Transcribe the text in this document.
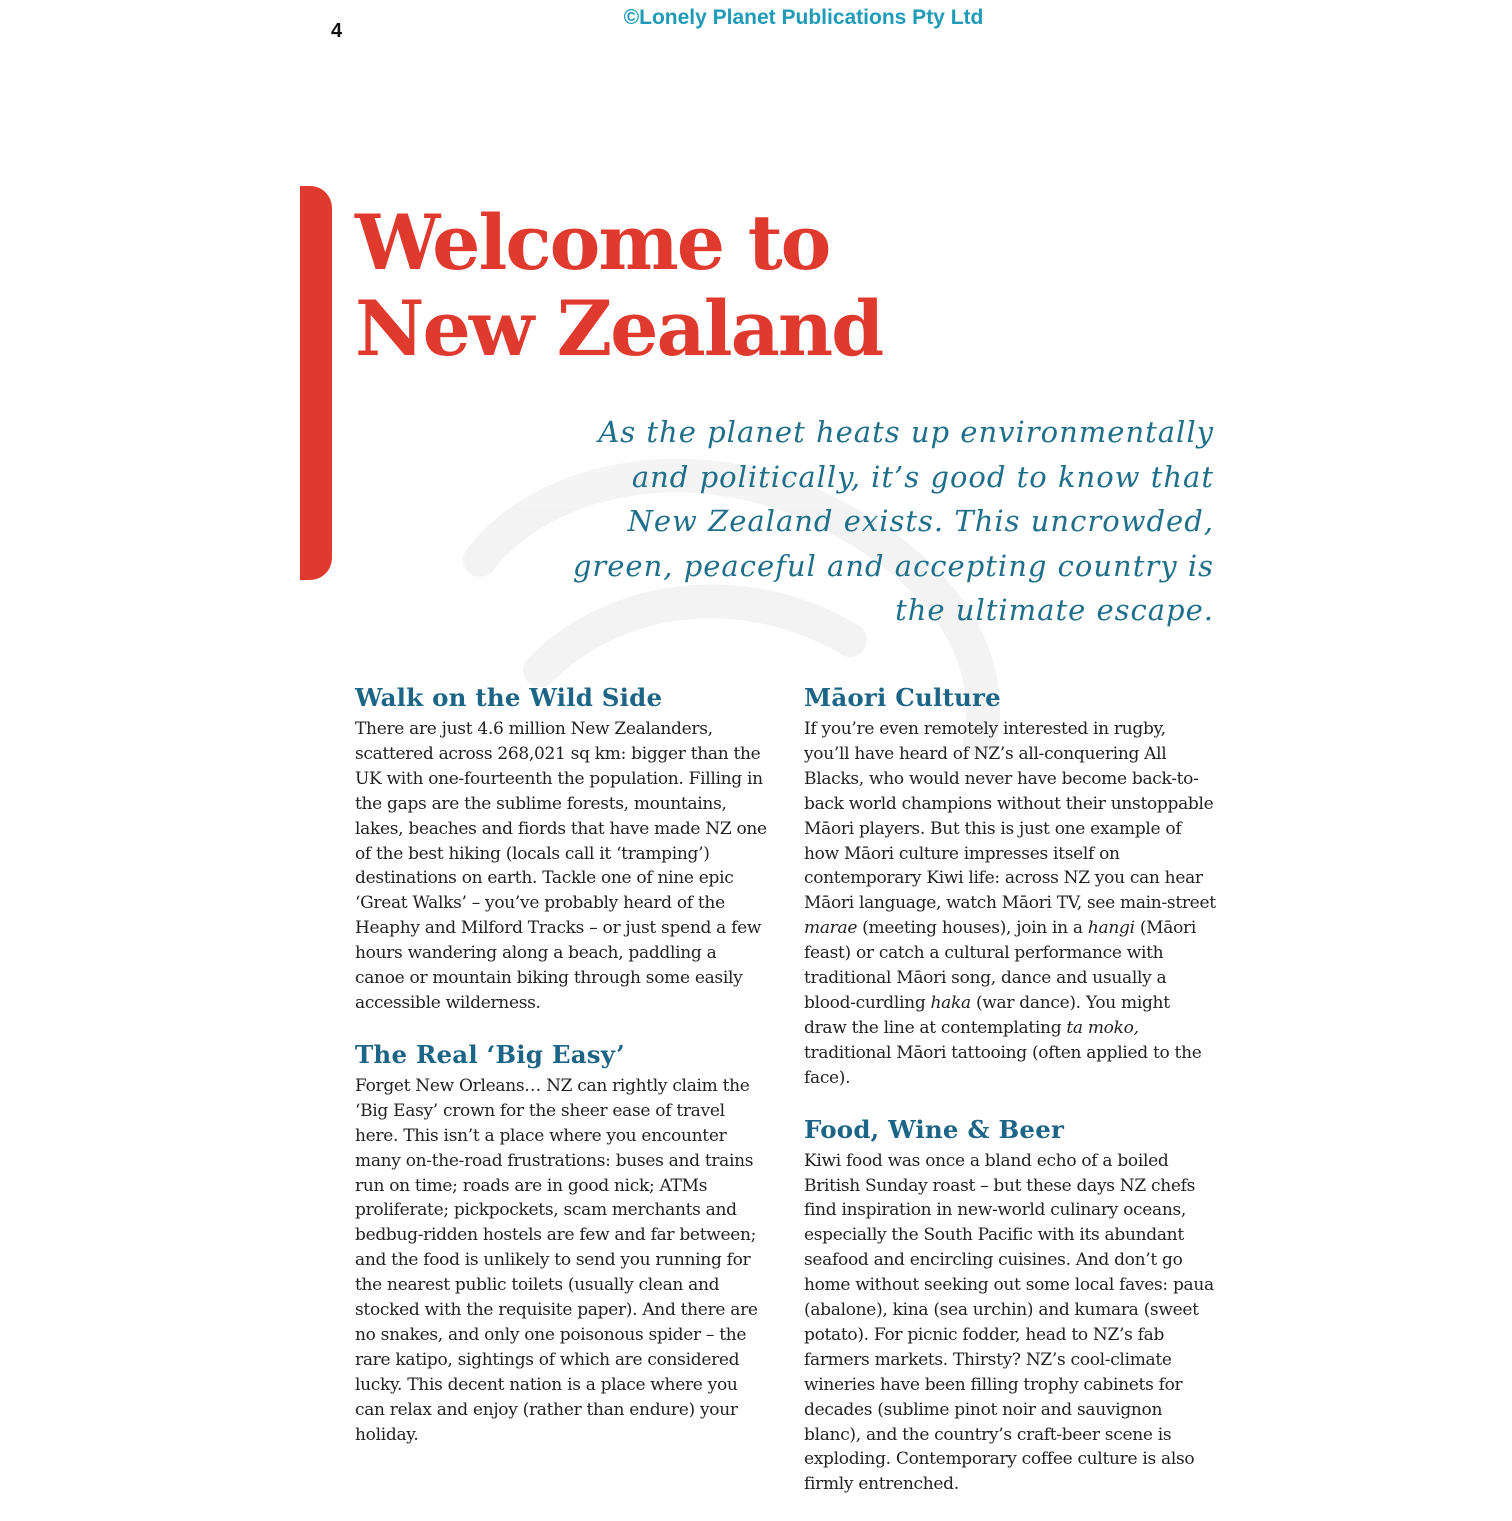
4
©Lonely Planet Publications Pty Ltd
Welcome to
New Zealand

As the planet heats up environmentally and politically, it’s good to know that New Zealand exists. This uncrowded, green, peaceful and accepting country is the ultimate escape.

Walk on the Wild Side

There are just 4.6 million New Zealanders, scattered across 268,021 sq km: bigger than the UK with one-fourteenth the population. Filling in the gaps are the sublime forests, mountains, lakes, beaches and fiords that have made NZ one of the best hiking (locals call it ‘tramping’) destinations on earth. Tackle one of nine epic ‘Great Walks’ – you’ve probably heard of the Heaphy and Milford Tracks – or just spend a few hours wandering along a beach, paddling a canoe or mountain biking through some easily accessible wilderness.

The Real ‘Big Easy’

Forget New Orleans… NZ can rightly claim the ‘Big Easy’ crown for the sheer ease of travel here. This isn’t a place where you encounter many on-the-road frustrations: buses and trains run on time; roads are in good nick; ATMs proliferate; pickpockets, scam merchants and bedbug-ridden hostels are few and far between; and the food is unlikely to send you running for the nearest public toilets (usually clean and stocked with the requisite paper). And there are no snakes, and only one poisonous spider – the rare katipo, sightings of which are considered lucky. This decent nation is a place where you can relax and enjoy (rather than endure) your holiday.

Māori Culture

If you’re even remotely interested in rugby, you’ll have heard of NZ’s all-conquering All Blacks, who would never have become back-to-back world champions without their unstoppable Māori players. But this is just one example of how Māori culture impresses itself on contemporary Kiwi life: across NZ you can hear Māori language, watch Māori TV, see main-street marae (meeting houses), join in a hangi (Māori feast) or catch a cultural performance with traditional Māori song, dance and usually a blood-curdling haka (war dance). You might draw the line at contemplating ta moko, traditional Māori tattooing (often applied to the face).

Food, Wine & Beer

Kiwi food was once a bland echo of a boiled British Sunday roast – but these days NZ chefs find inspiration in new-world culinary oceans, especially the South Pacific with its abundant seafood and encircling cuisines. And don’t go home without seeking out some local faves: paua (abalone), kina (sea urchin) and kumara (sweet potato). For picnic fodder, head to NZ’s fab farmers markets. Thirsty? NZ’s cool-climate wineries have been filling trophy cabinets for decades (sublime pinot noir and sauvignon blanc), and the country’s craft-beer scene is exploding. Contemporary coffee culture is also firmly entrenched.
